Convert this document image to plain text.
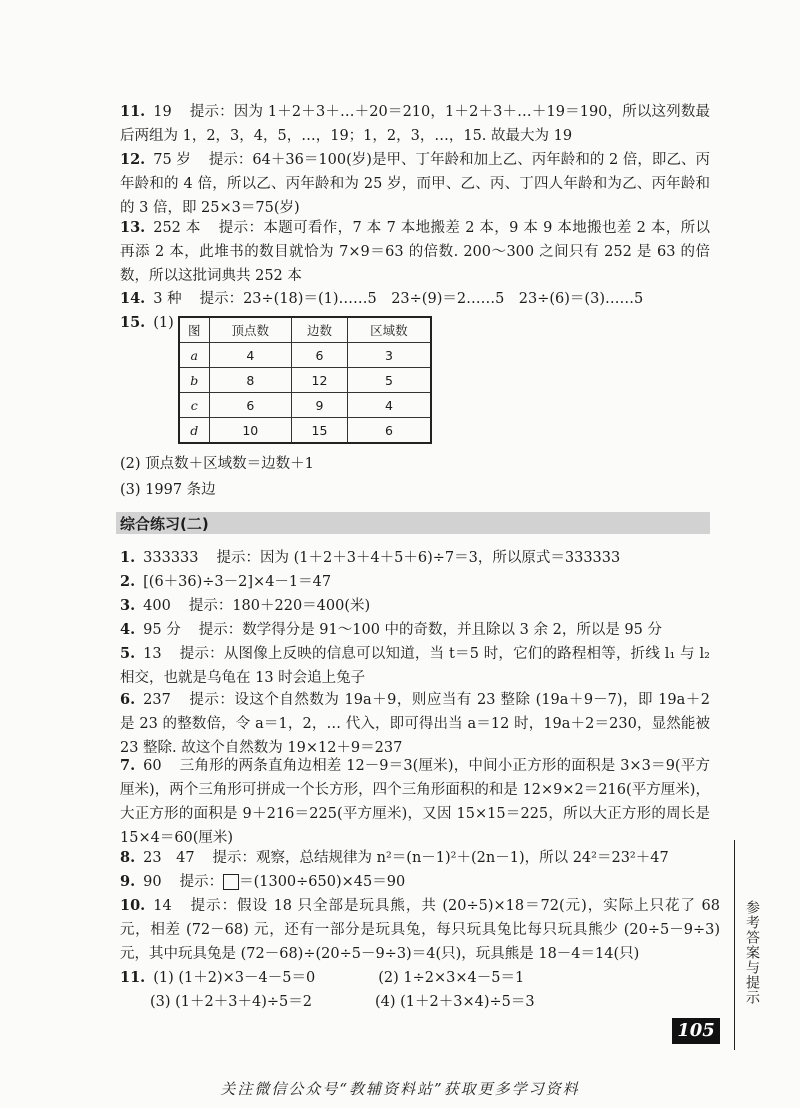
11. 19 提示：因为 1＋2＋3＋…＋20＝210，1＋2＋3＋…＋19＝190，所以这列数最后两组为 1，2，3，4，5，…，19；1，2，3，…，15. 故最大为 19
12. 75 岁 提示：64＋36＝100(岁)是甲、丁年龄和加上乙、丙年龄和的 2 倍，即乙、丙年龄和的 4 倍，所以乙、丙年龄和为 25 岁，而甲、乙、丙、丁四人年龄和为乙、丙年龄和的 3 倍，即 25×3＝75(岁)
13. 252 本 提示：本题可看作，7 本 7 本地搬差 2 本，9 本 9 本地搬也差 2 本，所以再添 2 本，此堆书的数目就恰为 7×9＝63 的倍数. 200～300 之间只有 252 是 63 的倍数，所以这批词典共 252 本
14. 3 种 提示：23÷(18)＝(1)……5　23÷(9)＝2……5　23÷(6)＝(3)……5
15. (1)	图	顶点数	边数	区域数
a	4	6	3
b	8	12	5
c	6	9	4
d	10	15	6
(2) 顶点数＋区域数＝边数＋1
(3) 1997 条边
综合练习(二)
1. 333333 提示：因为 (1＋2＋3＋4＋5＋6)÷7＝3，所以原式＝333333
2. [(6＋36)÷3－2]×4－1＝47
3. 400 提示：180＋220＝400(米)
4. 95 分 提示：数学得分是 91～100 中的奇数，并且除以 3 余 2，所以是 95 分
5. 13 提示：从图像上反映的信息可以知道，当 t＝5 时，它们的路程相等，折线 l₁ 与 l₂ 相交，也就是乌龟在 13 时会追上兔子
6. 237 提示：设这个自然数为 19a＋9，则应当有 23 整除 (19a＋9－7)，即 19a＋2 是 23 的整数倍，令 a＝1，2，… 代入，即可得出当 a＝12 时，19a＋2＝230，显然能被 23 整除. 故这个自然数为 19×12＋9＝237
7. 60 三角形的两条直角边相差 12－9＝3(厘米)，中间小正方形的面积是 3×3＝9(平方厘米)，两个三角形可拼成一个长方形，四个三角形面积的和是 12×9×2＝216(平方厘米)，大正方形的面积是 9＋216＝225(平方厘米)，又因 15×15＝225，所以大正方形的周长是 15×4＝60(厘米)
8. 23　47 提示：观察，总结规律为 n²＝(n－1)²＋(2n－1)，所以 24²＝23²＋47
9. 90 提示： ＝(1300÷650)×45＝90
10. 14 提示：假设 18 只全部是玩具熊，共 (20÷5)×18＝72(元)，实际上只花了 68 元，相差 (72－68) 元，还有一部分是玩具兔，每只玩具兔比每只玩具熊少 (20÷5－9÷3) 元，其中玩具兔是 (72－68)÷(20÷5－9÷3)＝4(只)，玩具熊是 18－4＝14(只)
11. (1) (1＋2)×3－4－5＝0	(2) 1÷2×3×4－5＝1
(3) (1＋2＋3＋4)÷5＝2	(4) (1＋2＋3×4)÷5＝3	参考答案与提示
105
关注微信公众号“教辅资料站”获取更多学习资料
